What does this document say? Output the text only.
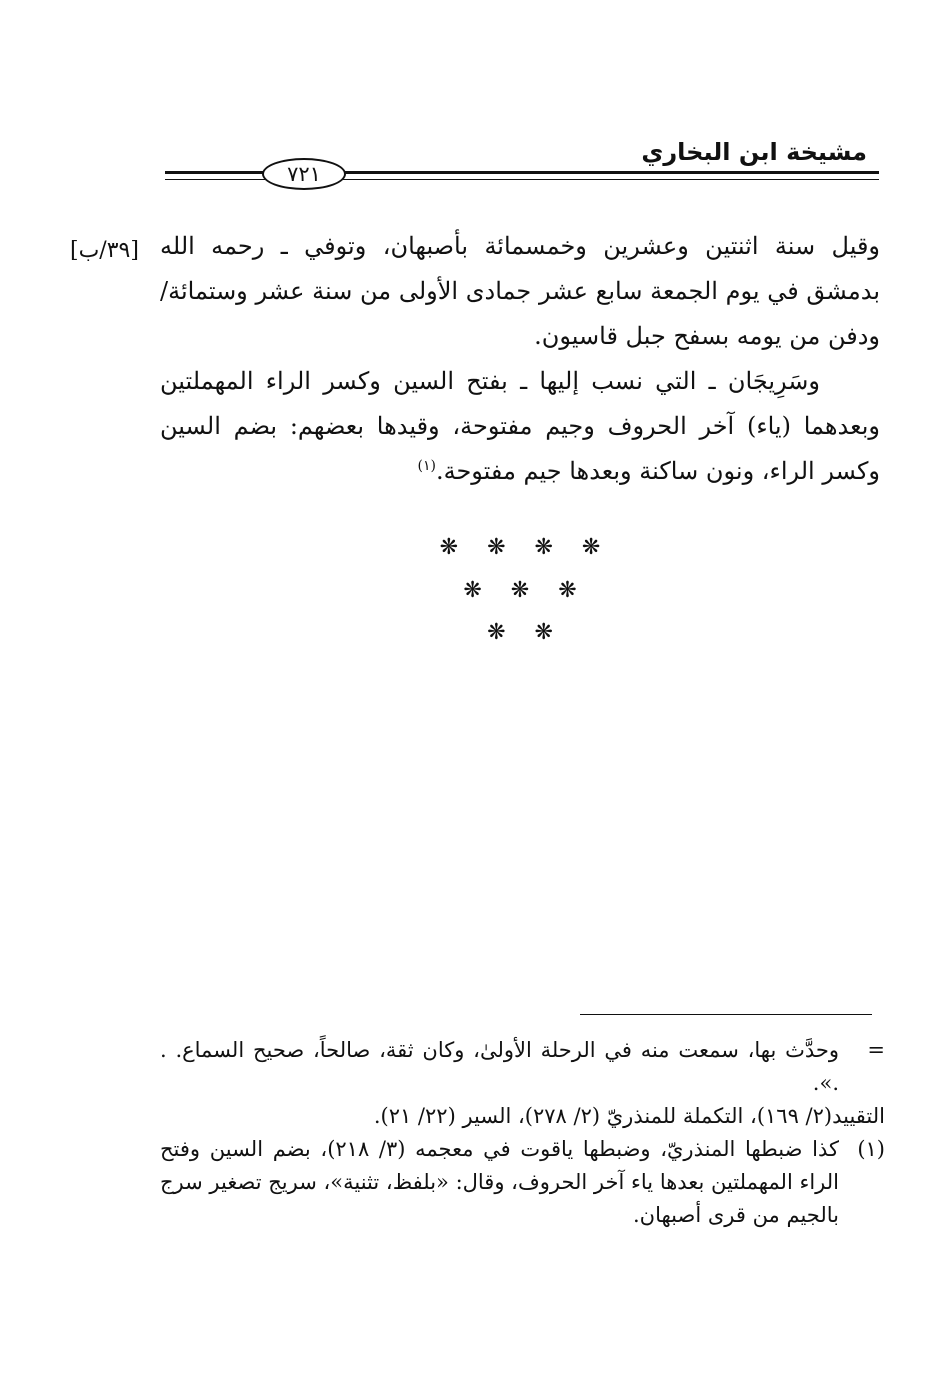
مشيخة ابن البخاري
٧٢١
[٣٩/ب] وقيل سنة اثنتين وعشرين وخمسمائة بأصبهان، وتوفي ـ رحمه الله بدمشق في يوم الجمعة سابع عشر جمادى الأولى من سنة عشر وستمائة/ ودفن من يومه بسفح جبل قاسيون.

وسَرِيجَان ـ التي نسب إليها ـ بفتح السين وكسر الراء المهملتين وبعدهما (ياء) آخر الحروف وجيم مفتوحة، وقيدها بعضهم: بضم السين وكسر الراء، ونون ساكنة وبعدها جيم مفتوحة.$^{(١)}$

❋ ❋ ❋ ❋
❋ ❋ ❋
❋ ❋
=

وحدَّث بها، سمعت منه في الرحلة الأولىٰ، وكان ثقة، صالحاً، صحيح السماع. . .».

التقييد(٢/ ١٦٩)، التكملة للمنذريّ (٢/ ٢٧٨)، السير (٢٢/ ٢١).

(١)

كذا ضبطها المنذريّ، وضبطها ياقوت في معجمه (٣/ ٢١٨)، بضم السين وفتح الراء المهملتين بعدها ياء آخر الحروف، وقال: «بلفظ، تثنية»، سريج تصغير سرج بالجيم من قرى أصبهان.
